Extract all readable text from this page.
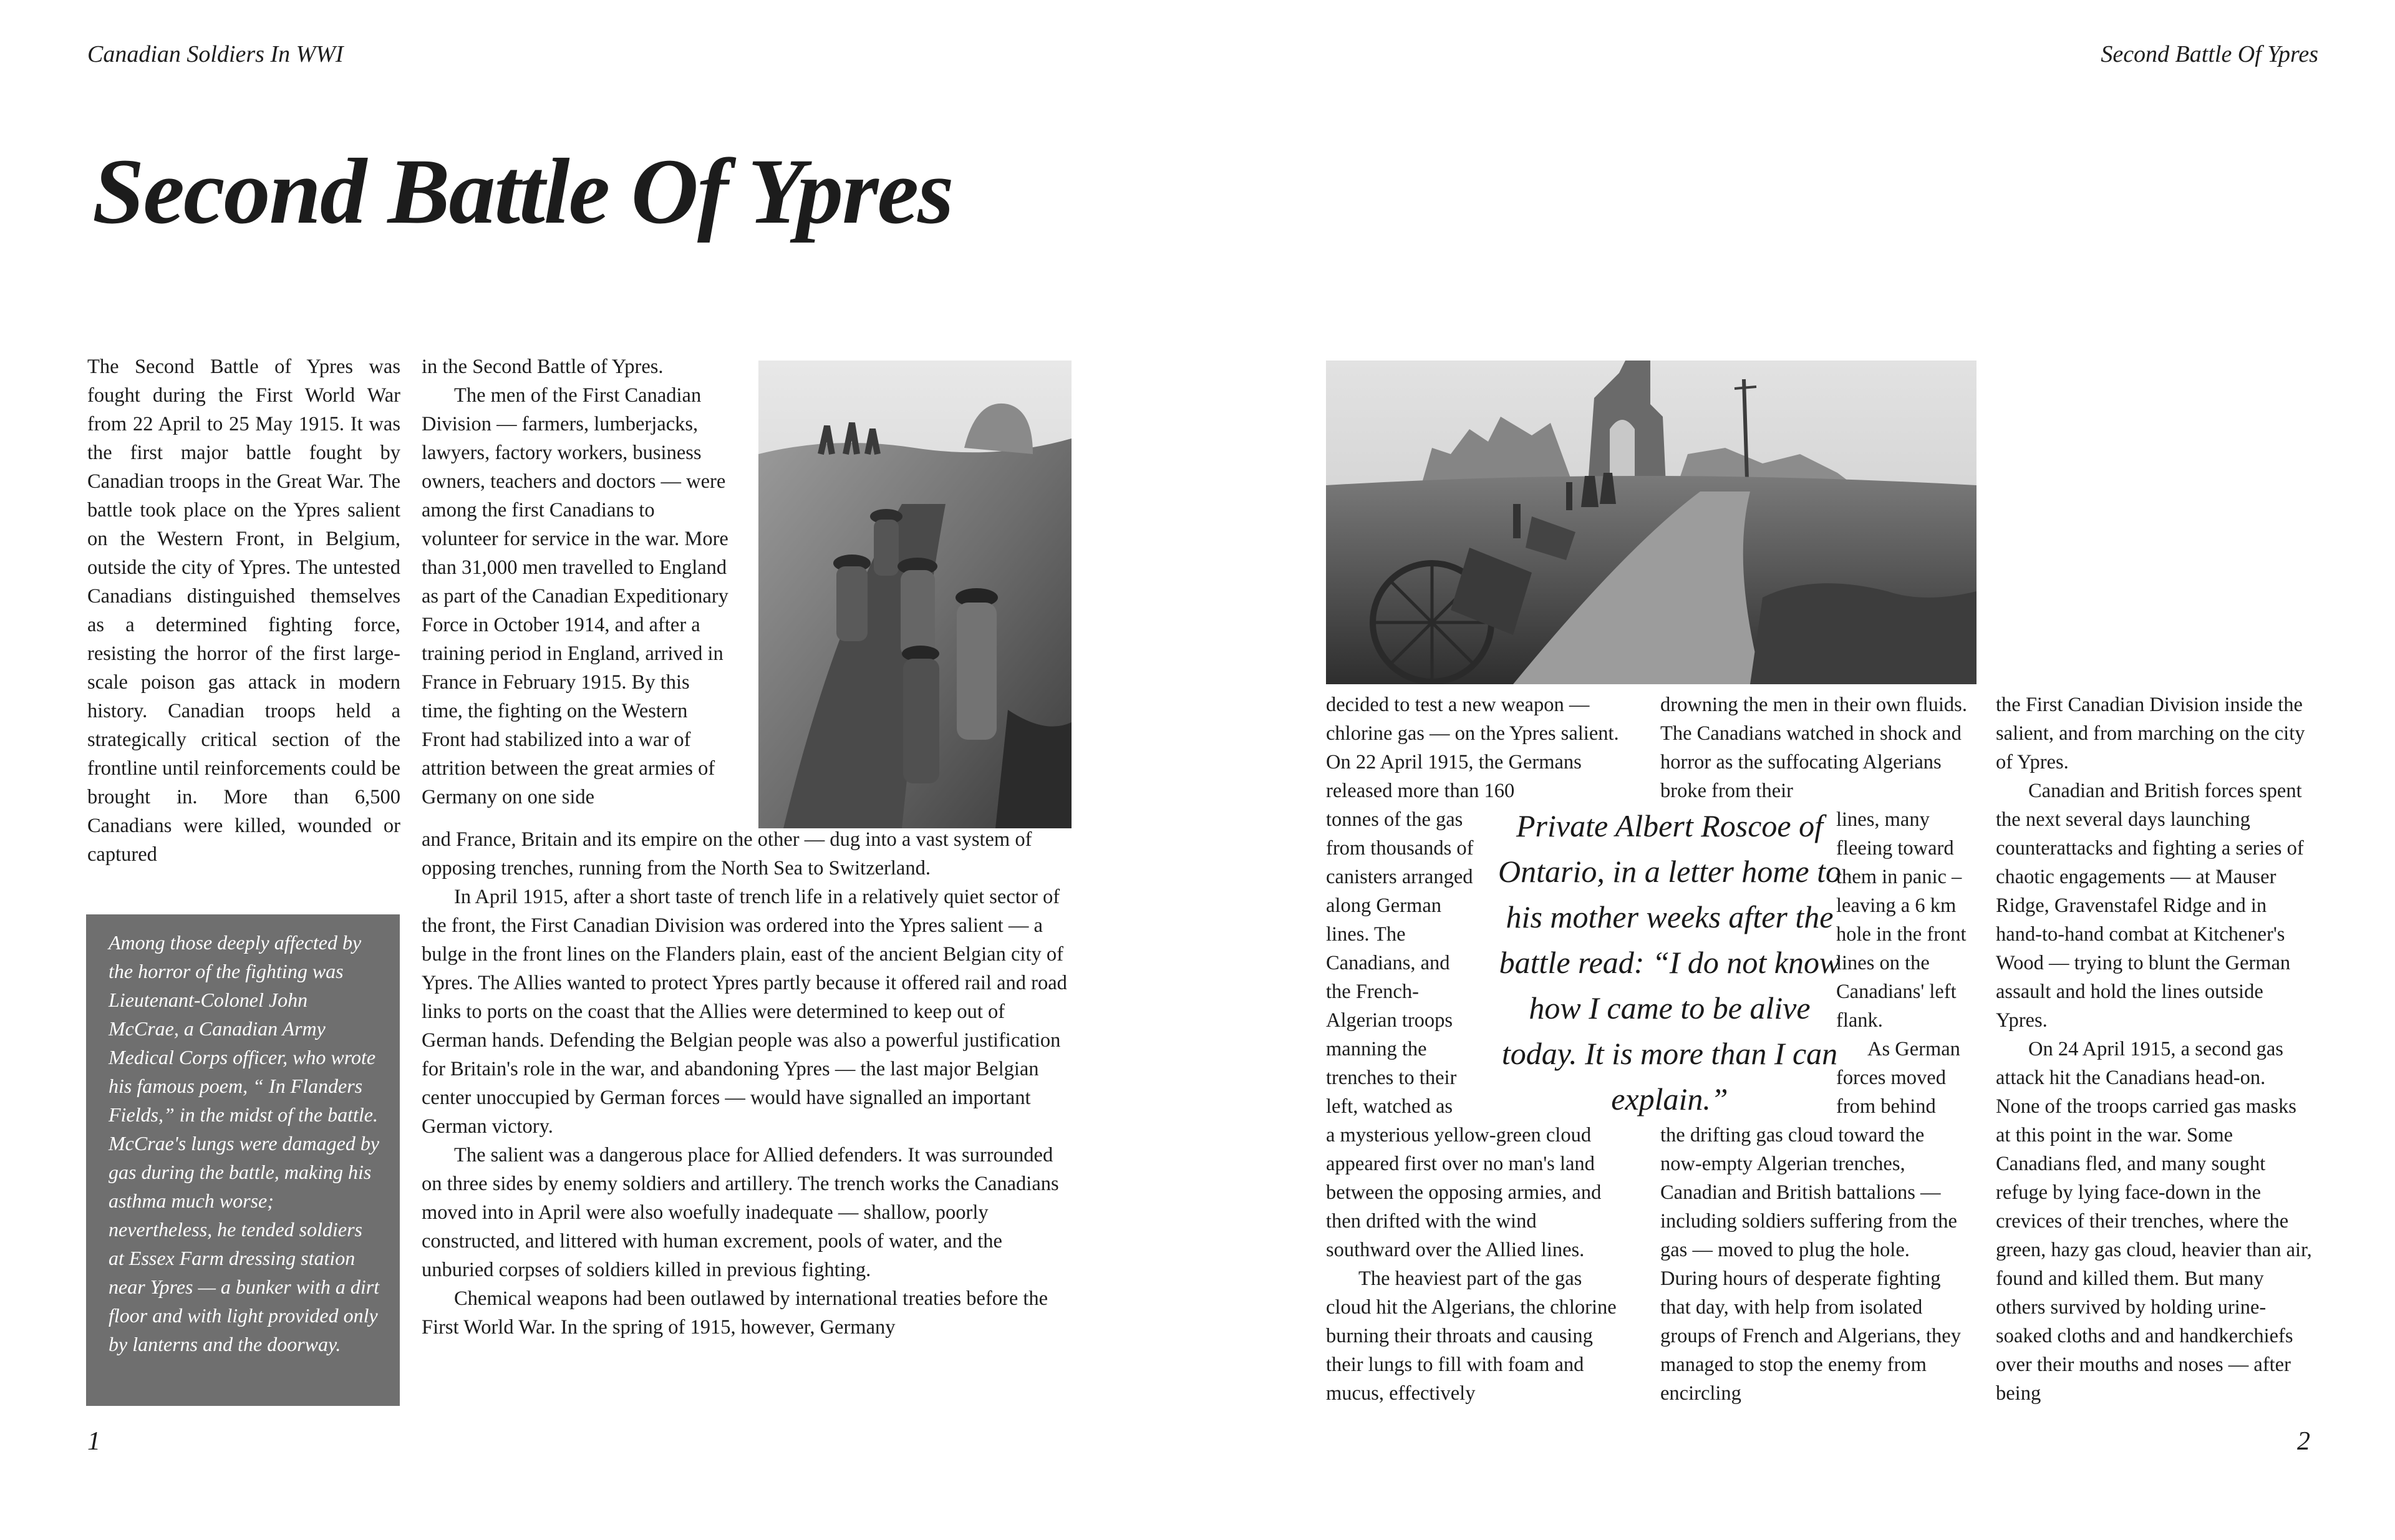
Canadian Soldiers In WWI	Second Battle Of Ypres
Second Battle Of Ypres

The Second Battle of Ypres was fought during the First World War from 22 April to 25 May 1915. It was the first major battle fought by Canadian troops in the Great War. The battle took place on the Ypres salient on the Western Front, in Belgium, outside the city of Ypres. The untested Canadians distinguished themselves as a determined fighting force, resisting the horror of the first large-scale poison gas attack in modern history. Canadian troops held a strategically critical section of the frontline until reinforcements could be brought in. More than 6,500 Canadians were killed, wounded or captured

Among those deeply affected by the horror of the fighting was Lieutenant-Colonel John McCrae, a Canadian Army Medical Corps officer, who wrote his famous poem, “ In Flanders Fields,” in the midst of the battle. McCrae's lungs were damaged by gas during the battle, making his asthma much worse; nevertheless, he tended soldiers at Essex Farm dressing station near Ypres — a bunker with a dirt floor and with light provided only by lanterns and the doorway.

in the Second Battle of Ypres.

The men of the First Canadian Division — farmers, lumberjacks, lawyers, factory workers, business owners, teachers and doctors — were among the first Canadians to volunteer for service in the war. More than 31,000 men travelled to England as part of the Canadian Expeditionary Force in October 1914, and after a training period in England, arrived in France in February 1915. By this time, the fighting on the Western Front had stabilized into a war of attrition between the great armies of Germany on one side

and France, Britain and its empire on the other — dug into a vast system of opposing trenches, running from the North Sea to Switzerland.

In April 1915, after a short taste of trench life in a relatively quiet sector of the front, the First Canadian Division was ordered into the Ypres salient — a bulge in the front lines on the Flanders plain, east of the ancient Belgian city of Ypres. The Allies wanted to protect Ypres partly because it offered rail and road links to ports on the coast that the Allies were determined to keep out of German hands. Defending the Belgian people was also a powerful justification for Britain's role in the war, and abandoning Ypres — the last major Belgian center unoccupied by German forces — would have signalled an important German victory.

The salient was a dangerous place for Allied defenders. It was surrounded on three sides by enemy soldiers and artillery. The trench works the Canadians moved into in April were also woefully inadequate — shallow, poorly constructed, and littered with human excrement, pools of water, and the unburied corpses of soldiers killed in previous fighting.

Chemical weapons had been outlawed by international treaties before the First World War. In the spring of 1915, however, Germany

1

decided to test a new weapon — chlorine gas — on the Ypres salient. On 22 April 1915, the Germans released more than 160

tonnes of the gas from thousands of canisters arranged along German lines. The Canadians, and the French-Algerian troops manning the trenches to their left, watched as

a mysterious yellow-green cloud appeared first over no man's land between the opposing armies, and then drifted with the wind southward over the Allied lines.

The heaviest part of the gas cloud hit the Algerians, the chlorine burning their throats and causing their lungs to fill with foam and mucus, effectively

drowning the men in their own fluids. The Canadians watched in shock and horror as the suffocating Algerians broke from their

lines, many fleeing toward them in panic – leaving a 6 km hole in the front lines on the Canadians' left flank.

As German forces moved from behind

the drifting gas cloud toward the now-empty Algerian trenches, Canadian and British battalions — including soldiers suffering from the gas — moved to plug the hole. During hours of desperate fighting that day, with help from isolated groups of French and Algerians, they managed to stop the enemy from encircling

Private Albert Roscoe of Ontario, in a letter home to his mother weeks after the battle read: “I do not know how I came to be alive today. It is more than I can explain.”

the First Canadian Division inside the salient, and from marching on the city of Ypres.

Canadian and British forces spent the next several days launching counterattacks and fighting a series of chaotic engagements — at Mauser Ridge, Gravenstafel Ridge and in hand-to-hand combat at Kitchener's Wood — trying to blunt the German assault and hold the lines outside Ypres.

On 24 April 1915, a second gas attack hit the Canadians head-on. None of the troops carried gas masks at this point in the war. Some Canadians fled, and many sought refuge by lying face-down in the crevices of their trenches, where the green, hazy gas cloud, heavier than air, found and killed them. But many others survived by holding urine-soaked cloths and and handkerchiefs over their mouths and noses — after being

2
